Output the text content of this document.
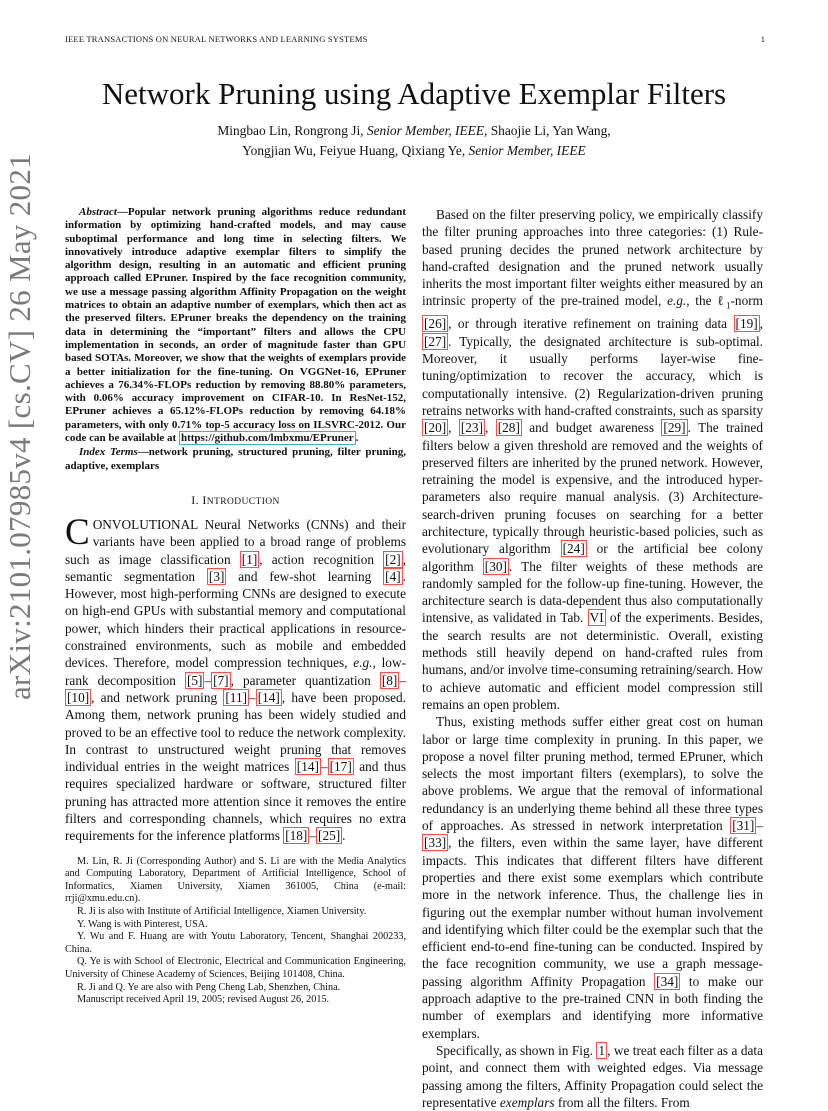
IEEE TRANSACTIONS ON NEURAL NETWORKS AND LEARNING SYSTEMS	1
arXiv:2101.07985v4 [cs.CV] 26 May 2021
Network Pruning using Adaptive Exemplar Filters
Mingbao Lin, Rongrong Ji, Senior Member, IEEE, Shaojie Li, Yan Wang,
Yongjian Wu, Feiyue Huang, Qixiang Ye, Senior Member, IEEE

Abstract—Popular network pruning algorithms reduce redundant information by optimizing hand-crafted models, and may cause suboptimal performance and long time in selecting filters. We innovatively introduce adaptive exemplar filters to simplify the algorithm design, resulting in an automatic and efficient pruning approach called EPruner. Inspired by the face recognition community, we use a message passing algorithm Affinity Propagation on the weight matrices to obtain an adaptive number of exemplars, which then act as the preserved filters. EPruner breaks the dependency on the training data in determining the “important” filters and allows the CPU implementation in seconds, an order of magnitude faster than GPU based SOTAs. Moreover, we show that the weights of exemplars provide a better initialization for the fine-tuning. On VGGNet-16, EPruner achieves a 76.34%-FLOPs reduction by removing 88.80% parameters, with 0.06% accuracy improvement on CIFAR-10. In ResNet-152, EPruner achieves a 65.12%-FLOPs reduction by removing 64.18% parameters, with only 0.71% top-5 accuracy loss on ILSVRC-2012. Our code can be available at https://github.com/lmbxmu/EPruner .

Index Terms—network pruning, structured pruning, filter pruning, adaptive, exemplars

I. INTRODUCTION

CONVOLUTIONAL Neural Networks (CNNs) and their variants have been applied to a broad range of problems such as image classification [1] , action recognition [2] , semantic segmentation [3] and few-shot learning [4] . However, most high-performing CNNs are designed to execute on high-end GPUs with substantial memory and computational power, which hinders their practical applications in resource-constrained environments, such as mobile and embedded devices. Therefore, model compression techniques, e.g., low-rank decomposition [5] – [7] , parameter quantization [8] –[10] , and network pruning [11] – [14] , have been proposed. Among them, network pruning has been widely studied and proved to be an effective tool to reduce the network complexity. In contrast to unstructured weight pruning that removes individual entries in the weight matrices [14] – [17] and thus requires specialized hardware or software, structured filter pruning has attracted more attention since it removes the entire filters and corresponding channels, which requires no extra requirements for the inference platforms [18] – [25] .

M. Lin, R. Ji (Corresponding Author) and S. Li are with the Media Analytics and Computing Laboratory, Department of Artificial Intelligence, School of Informatics, Xiamen University, Xiamen 361005, China (e-mail: rrji@xmu.edu.cn).

R. Ji is also with Institute of Artificial Intelligence, Xiamen University.

Y. Wang is with Pinterest, USA.

Y. Wu and F. Huang are with Youtu Laboratory, Tencent, Shanghai 200233, China.

Q. Ye is with School of Electronic, Electrical and Communication Engineering, University of Chinese Academy of Sciences, Beijing 101408, China.

R. Ji and Q. Ye are also with Peng Cheng Lab, Shenzhen, China.

Manuscript received April 19, 2005; revised August 26, 2015.

Based on the filter preserving policy, we empirically classify the filter pruning approaches into three categories: (1) Rule-based pruning decides the pruned network architecture by hand-crafted designation and the pruned network usually inherits the most important filter weights either measured by an intrinsic property of the pre-trained model, e.g., the ℓ$_1$-norm [26] , or through iterative refinement on training data [19] , [27] . Typically, the designated architecture is sub-optimal. Moreover, it usually performs layer-wise fine-tuning/optimization to recover the accuracy, which is computationally intensive. (2) Regularization-driven pruning retrains networks with hand-crafted constraints, such as sparsity [20] , [23] , [28] and budget awareness [29] . The trained filters below a given threshold are removed and the weights of preserved filters are inherited by the pruned network. However, retraining the model is expensive, and the introduced hyper-parameters also require manual analysis. (3) Architecture-search-driven pruning focuses on searching for a better architecture, typically through heuristic-based policies, such as evolutionary algorithm [24] or the artificial bee colony algorithm [30] . The filter weights of these methods are randomly sampled for the follow-up fine-tuning. However, the architecture search is data-dependent thus also computationally intensive, as validated in Tab. VI of the experiments. Besides, the search results are not deterministic. Overall, existing methods still heavily depend on hand-crafted rules from humans, and/or involve time-consuming retraining/search. How to achieve automatic and efficient model compression still remains an open problem.

Thus, existing methods suffer either great cost on human labor or large time complexity in pruning. In this paper, we propose a novel filter pruning method, termed EPruner, which selects the most important filters (exemplars), to solve the above problems. We argue that the removal of informational redundancy is an underlying theme behind all these three types of approaches. As stressed in network interpretation [31] –[33] , the filters, even within the same layer, have different impacts. This indicates that different filters have different properties and there exist some exemplars which contribute more in the network inference. Thus, the challenge lies in figuring out the exemplar number without human involvement and identifying which filter could be the exemplar such that the efficient end-to-end fine-tuning can be conducted. Inspired by the face recognition community, we use a graph message-passing algorithm Affinity Propagation [34] to make our approach adaptive to the pre-trained CNN in both finding the number of exemplars and identifying more informative exemplars.

Specifically, as shown in Fig. 1 , we treat each filter as a data point, and connect them with weighted edges. Via message passing among the filters, Affinity Propagation could select the representative exemplars from all the filters. From
